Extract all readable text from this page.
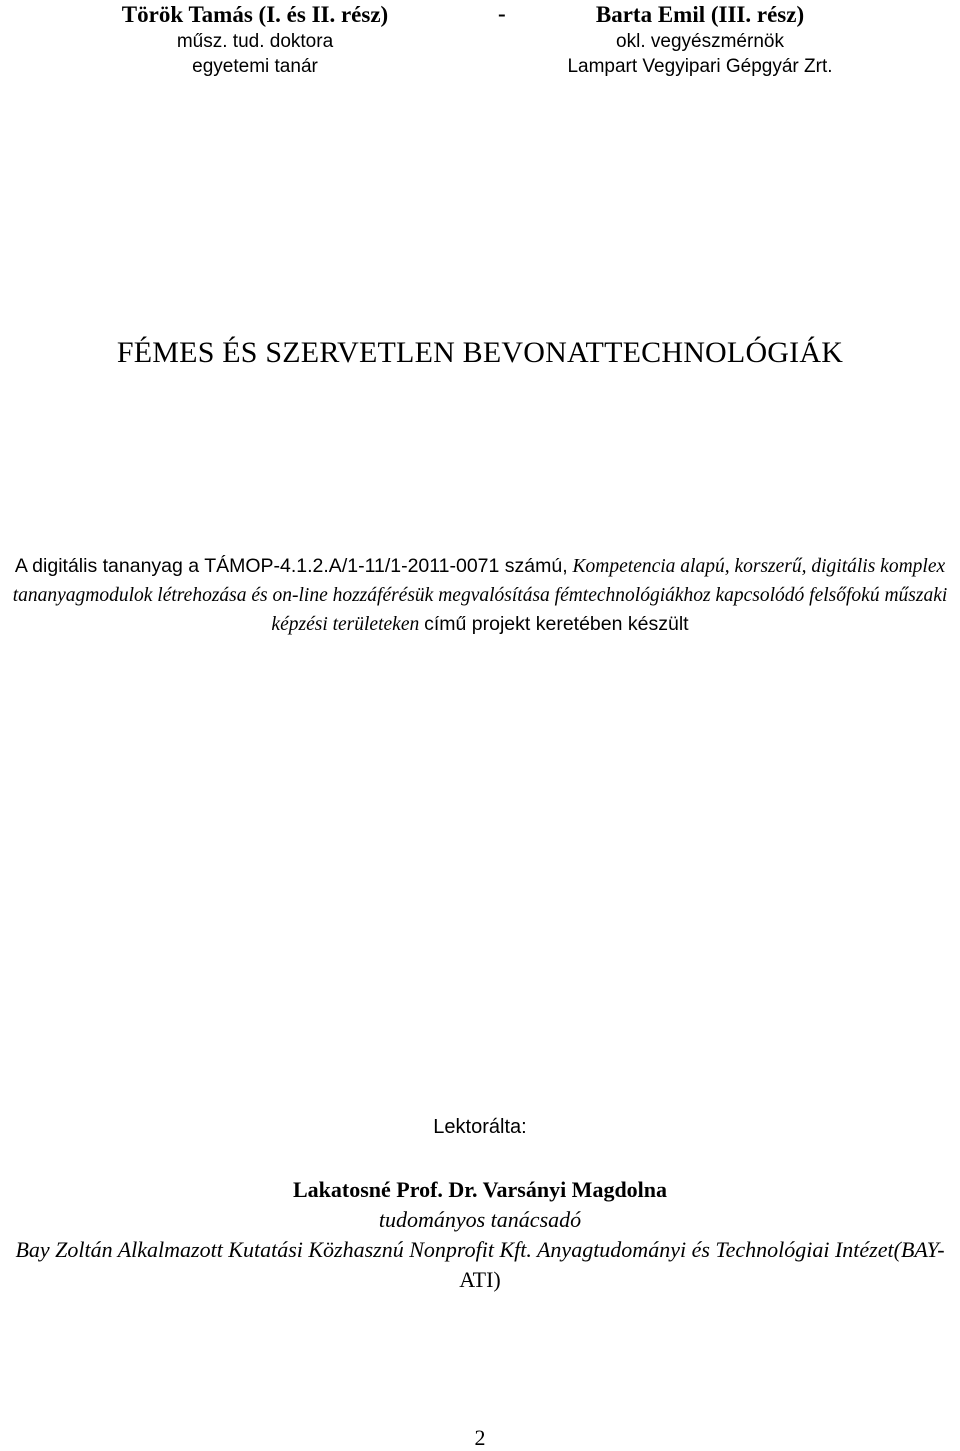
Török Tamás (I. és II. rész)
műsz. tud. doktora
egyetemi tanár
-	Barta Emil (III. rész)
okl. vegyészmérnök
Lampart Vegyipari Gépgyár Zrt.
FÉMES ÉS SZERVETLEN BEVONATTECHNOLÓGIÁK
A digitális tananyag a TÁMOP-4.1.2.A/1-11/1-2011-0071 számú, Kompetencia alapú, korszerű, digitális komplex tananyagmodulok létrehozása és on-line hozzáférésük megvalósítása fémtechnológiákhoz kapcsolódó felsőfokú műszaki képzési területeken című projekt keretében készült
Lektorálta:
Lakatosné Prof. Dr. Varsányi Magdolna
tudományos tanácsadó
Bay Zoltán Alkalmazott Kutatási Közhasznú Nonprofit Kft. Anyagtudományi és Technológiai Intézet(BAY-ATI)
2
